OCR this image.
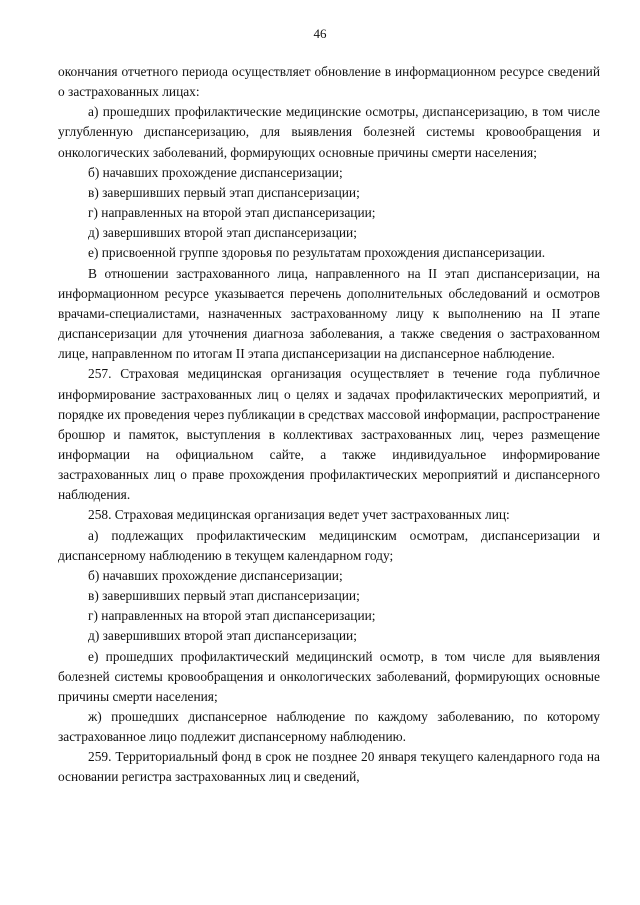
46

окончания отчетного периода осуществляет обновление в информационном ресурсе сведений о застрахованных лицах:

а) прошедших профилактические медицинские осмотры, диспансеризацию, в том числе углубленную диспансеризацию, для выявления болезней системы кровообращения и онкологических заболеваний, формирующих основные причины смерти населения;

б) начавших прохождение диспансеризации;

в) завершивших первый этап диспансеризации;

г) направленных на второй этап диспансеризации;

д) завершивших второй этап диспансеризации;

е) присвоенной группе здоровья по результатам прохождения диспансеризации.

В отношении застрахованного лица, направленного на II этап диспансеризации, на информационном ресурсе указывается перечень дополнительных обследований и осмотров врачами-специалистами, назначенных застрахованному лицу к выполнению на II этапе диспансеризации для уточнения диагноза заболевания, а также сведения о застрахованном лице, направленном по итогам II этапа диспансеризации на диспансерное наблюдение.

257. Страховая медицинская организация осуществляет в течение года публичное информирование застрахованных лиц о целях и задачах профилактических мероприятий, и порядке их проведения через публикации в средствах массовой информации, распространение брошюр и памяток, выступления в коллективах застрахованных лиц, через размещение информации на официальном сайте, а также индивидуальное информирование застрахованных лиц о праве прохождения профилактических мероприятий и диспансерного наблюдения.

258. Страховая медицинская организация ведет учет застрахованных лиц:

а) подлежащих профилактическим медицинским осмотрам, диспансеризации и диспансерному наблюдению в текущем календарном году;

б) начавших прохождение диспансеризации;

в) завершивших первый этап диспансеризации;

г) направленных на второй этап диспансеризации;

д) завершивших второй этап диспансеризации;

е) прошедших профилактический медицинский осмотр, в том числе для выявления болезней системы кровообращения и онкологических заболеваний, формирующих основные причины смерти населения;

ж) прошедших диспансерное наблюдение по каждому заболеванию, по которому застрахованное лицо подлежит диспансерному наблюдению.

259. Территориальный фонд в срок не позднее 20 января текущего календарного года на основании регистра застрахованных лиц и сведений,
